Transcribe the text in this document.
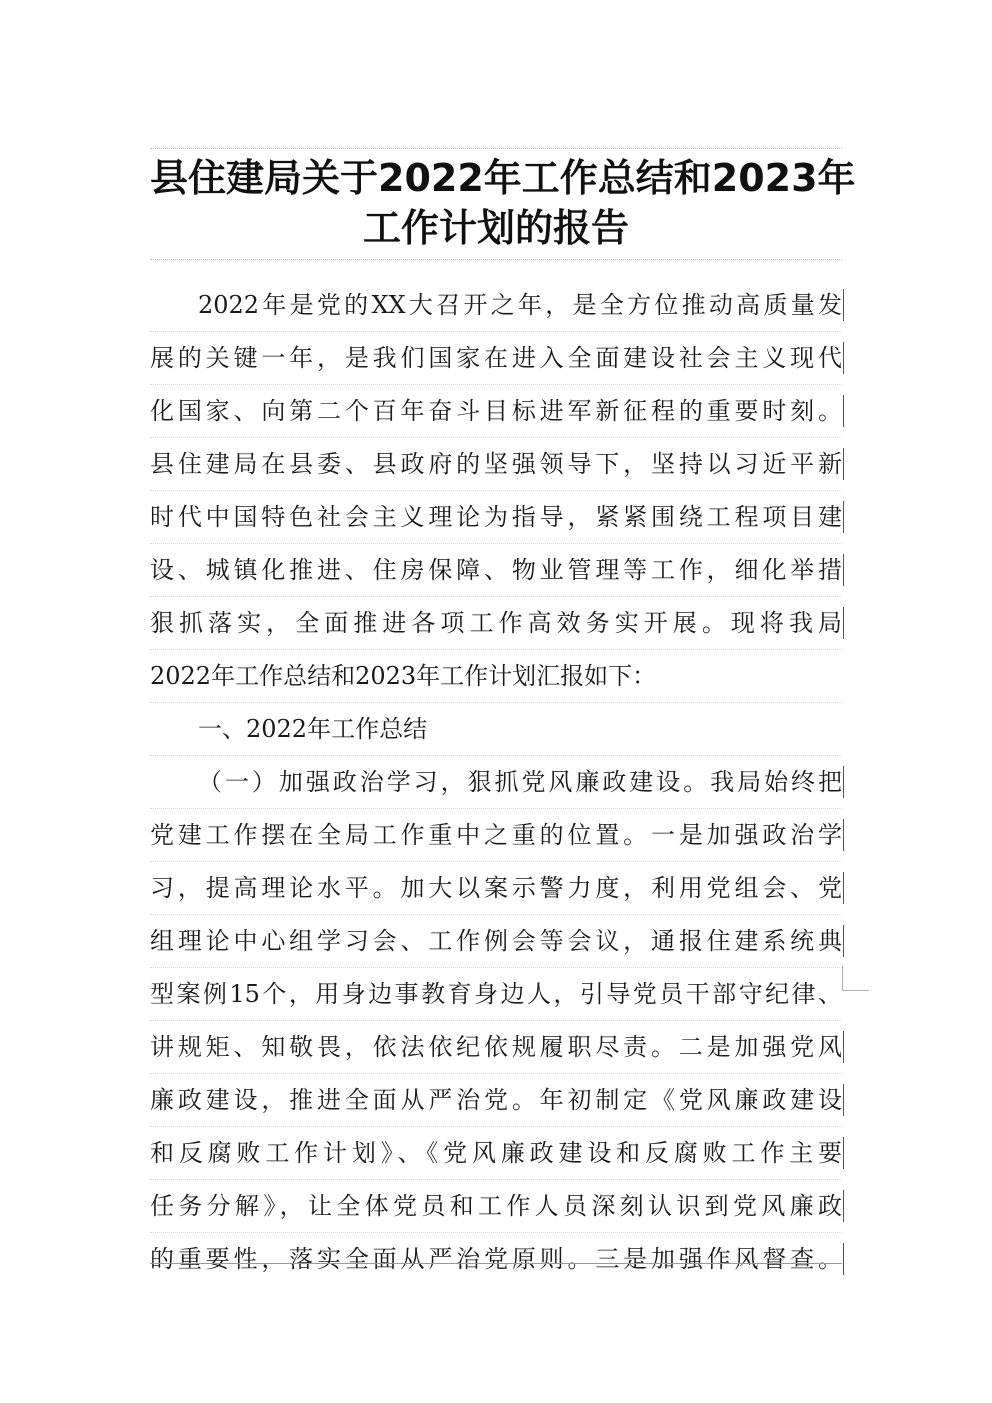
县住建局关于2022年工作总结和2023年
工作计划的报告
2022年是党的XX大召开之年，是全方位推动高质量发
展的关键一年，是我们国家在进入全面建设社会主义现代
化国家、向第二个百年奋斗目标进军新征程的重要时刻。
县住建局在县委、县政府的坚强领导下，坚持以习近平新
时代中国特色社会主义理论为指导，紧紧围绕工程项目建
设、城镇化推进、住房保障、物业管理等工作，细化举措
狠抓落实，全面推进各项工作高效务实开展。现将我局
2022年工作总结和2023年工作计划汇报如下：
一、2022年工作总结
（一）加强政治学习，狠抓党风廉政建设。我局始终把
党建工作摆在全局工作重中之重的位置。一是加强政治学
习，提高理论水平。加大以案示警力度，利用党组会、党
组理论中心组学习会、工作例会等会议，通报住建系统典
型案例15个，用身边事教育身边人，引导党员干部守纪律、
讲规矩、知敬畏，依法依纪依规履职尽责。二是加强党风
廉政建设，推进全面从严治党。年初制定《党风廉政建设
和反腐败工作计划》、《党风廉政建设和反腐败工作主要
任务分解》，让全体党员和工作人员深刻认识到党风廉政
的重要性，落实全面从严治党原则。三是加强作风督查。
